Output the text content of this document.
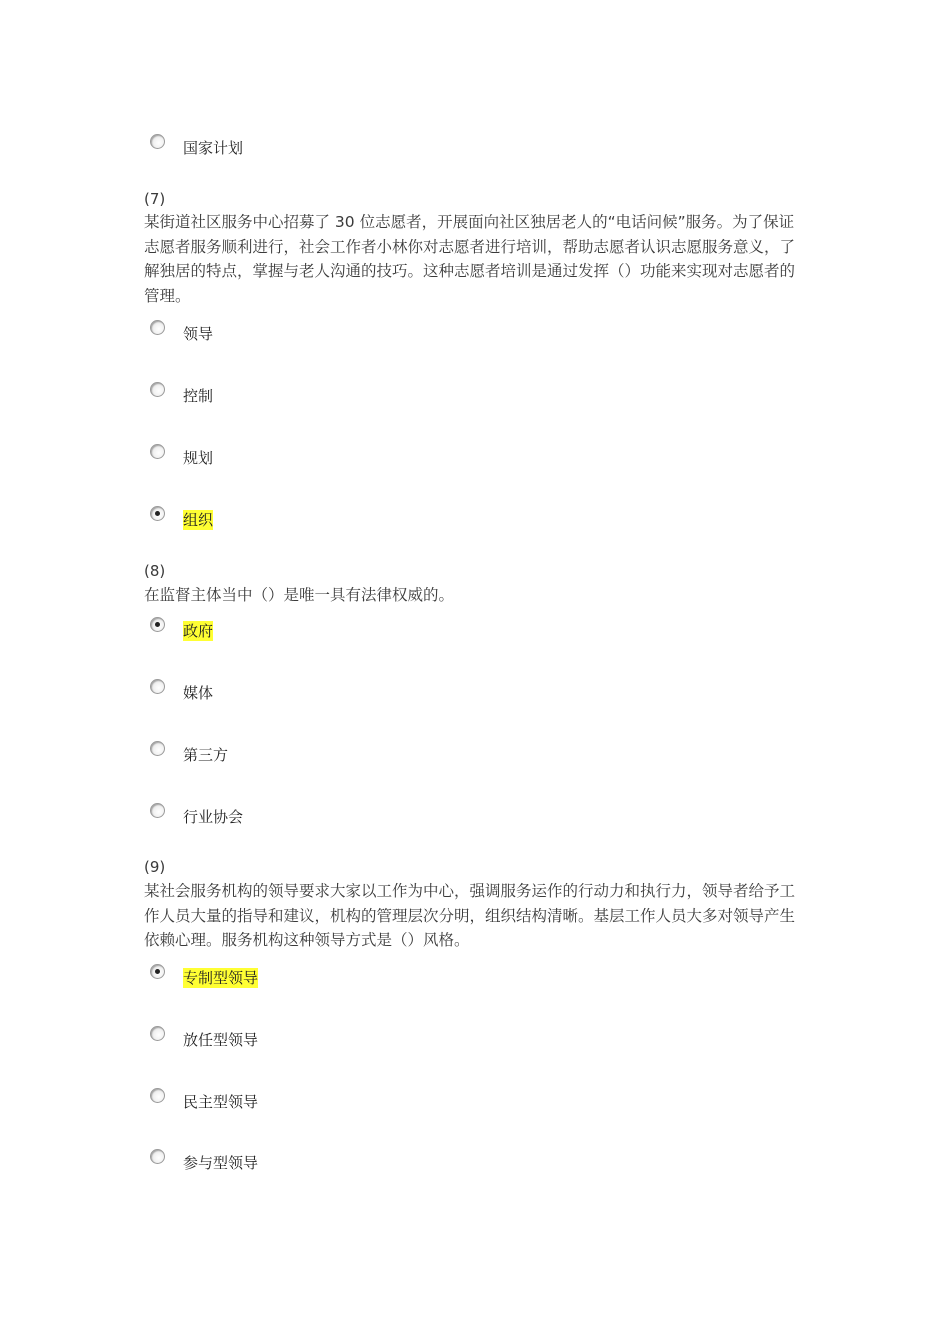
国家计划
(7)
某街道社区服务中心招募了 30 位志愿者，开展面向社区独居老人的“电话问候”服务。为了保证志愿者服务顺利进行，社会工作者小林你对志愿者进行培训，帮助志愿者认识志愿服务意义，了解独居的特点，掌握与老人沟通的技巧。这种志愿者培训是通过发挥（）功能来实现对志愿者的管理。
领导
控制
规划
组织
(8)
在监督主体当中（）是唯一具有法律权威的。
政府
媒体
第三方
行业协会
(9)
某社会服务机构的领导要求大家以工作为中心，强调服务运作的行动力和执行力，领导者给予工作人员大量的指导和建议，机构的管理层次分明，组织结构清晰。基层工作人员大多对领导产生依赖心理。服务机构这种领导方式是（）风格。
专制型领导
放任型领导
民主型领导
参与型领导
